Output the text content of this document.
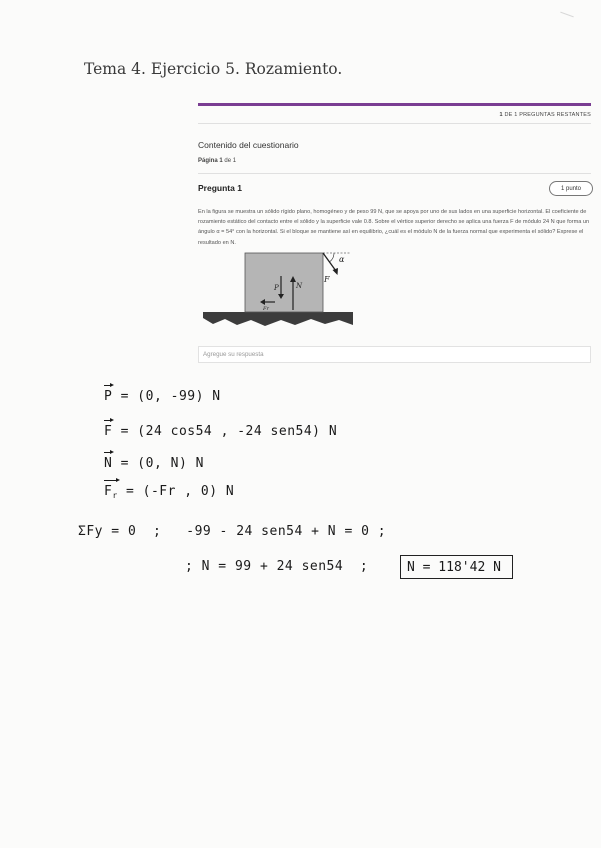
Tema 4. Ejercicio 5. Rozamiento.
1 DE 1 PREGUNTAS RESTANTES
Contenido del cuestionario
Página 1 de 1
Pregunta 1	1 punto

En la figura se muestra un sólido rígido plano, homogéneo y de peso 99 N, que se apoya por uno de sus lados en una superficie horizontal. El coeficiente de rozamiento estático del contacto entre el sólido y la superficie vale 0.8. Sobre el vértice superior derecho se aplica una fuerza F de módulo 24 N que forma un ángulo α = 54° con la horizontal. Si el bloque se mantiene así en equilibrio, ¿cuál es el módulo N de la fuerza normal que experimenta el sólido? Exprese el resultado en N.

α
F
P N
Fr
Agregue su respuesta
P = (0, -99) N
F = (24 cos54 , -24 sen54) N
N = (0, N) N
$F_r = (-Fr$ , 0) N
ΣFy = 0  ;   -99 - 24 sen54 + N = 0 ;
; N = 99 + 24 sen54  ;	N = 118'42 N
